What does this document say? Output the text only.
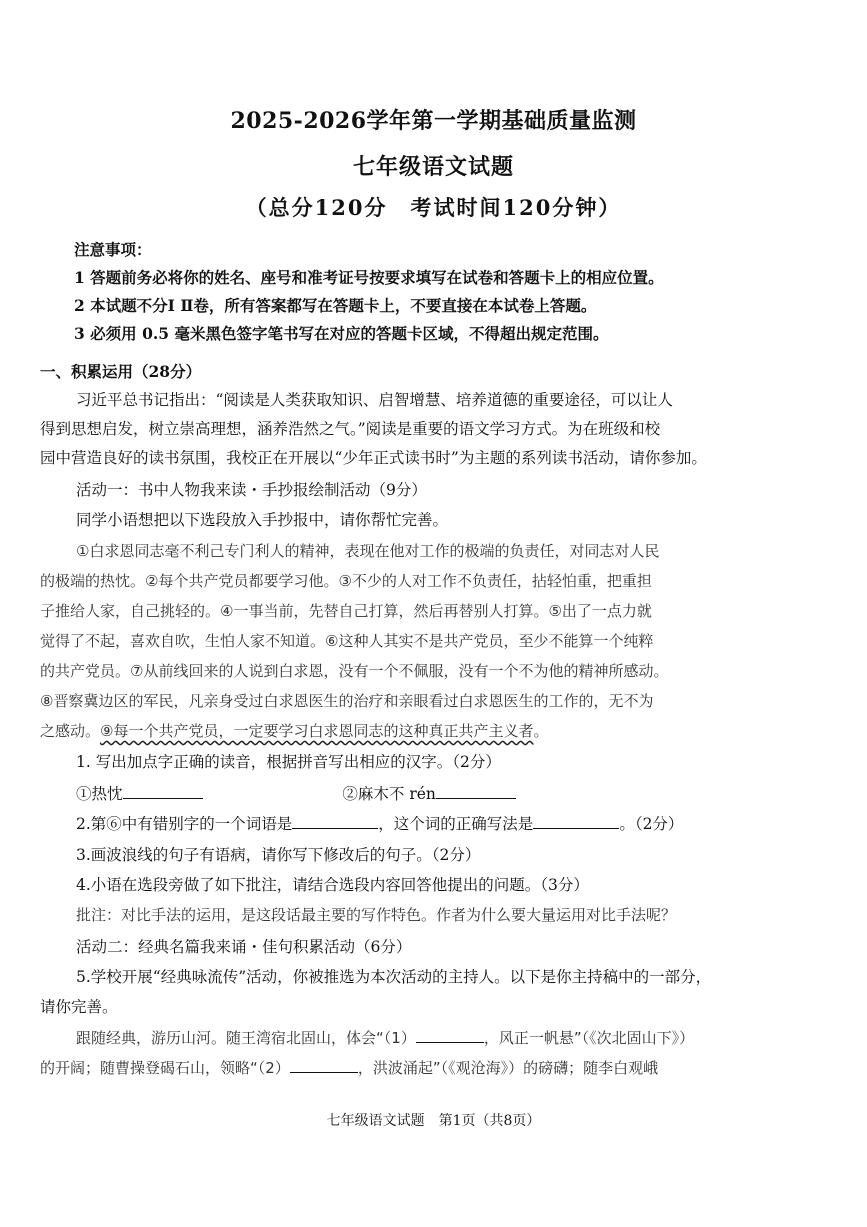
2025-2026学年第一学期基础质量监测
七年级语文试题
（总分120分　考试时间120分钟）
注意事项：
1 答题前务必将你的姓名、座号和准考证号按要求填写在试卷和答题卡上的相应位置。
2 本试题不分Ⅰ Ⅱ卷，所有答案都写在答题卡上，不要直接在本试卷上答题。
3 必须用 0.5 毫米黑色签字笔书写在对应的答题卡区域，不得超出规定范围。
一、积累运用（28分）
习近平总书记指出：“阅读是人类获取知识、启智增慧、培养道德的重要途径，可以让人
得到思想启发，树立崇高理想，涵养浩然之气。”阅读是重要的语文学习方式。为在班级和校
园中营造良好的读书氛围，我校正在开展以“少年正式读书时”为主题的系列读书活动，请你参加。
活动一：书中人物我来读・手抄报绘制活动（9分）
同学小语想把以下选段放入手抄报中，请你帮忙完善。
①白求恩同志毫不利己专门利人的精神，表现在他对工作的极端的负责任，对同志对人民
的极端的热忱。②每个共产党员都要学习他。③不少的人对工作不负责任，拈轻怕重，把重担
子推给人家，自己挑轻的。④一事当前，先替自己打算，然后再替别人打算。⑤出了一点力就
觉得了不起，喜欢自吹，生怕人家不知道。⑥这种人其实不是共产党员，至少不能算一个纯粹
的共产党员。⑦从前线回来的人说到白求恩，没有一个不佩服，没有一个不为他的精神所感动。
⑧晋察冀边区的军民，凡亲身受过白求恩医生的治疗和亲眼看过白求恩医生的工作的，无不为
之感动。⑨每一个共产党员，一定要学习白求恩同志的这种真正共产主义者。
1. 写出加点字正确的读音，根据拼音写出相应的汉字。（2分）
①热忱	②麻木不 rén
2.第⑥中有错别字的一个词语是	，这个词的正确写法是	。（2分）
3.画波浪线的句子有语病，请你写下修改后的句子。（2分）
4.小语在选段旁做了如下批注，请结合选段内容回答他提出的问题。（3分）
批注：对比手法的运用，是这段话最主要的写作特色。作者为什么要大量运用对比手法呢？
活动二：经典名篇我来诵・佳句积累活动（6分）
5.学校开展“经典咏流传”活动，你被推选为本次活动的主持人。以下是你主持稿中的一部分，
请你完善。
跟随经典，游历山河。随王湾宿北固山，体会“（1）	，风正一帆悬”（《次北固山下》）
的开阔；随曹操登碣石山，领略“（2）	，洪波涌起”（《观沧海》）的磅礴；随李白观峨
七年级语文试题　第1页（共8页）
